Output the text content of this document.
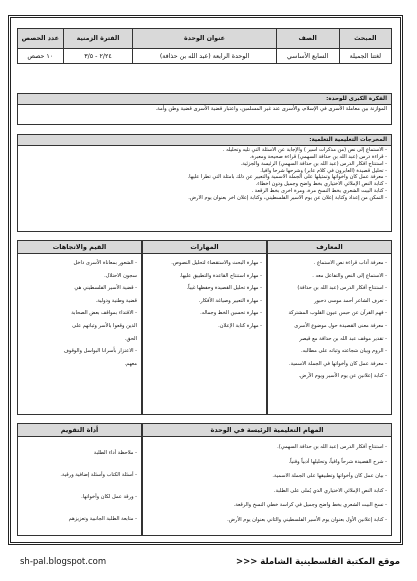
المبحث	الصف	عنوان الوحدة	الفترة الزمنية	عدد الحصص
لغتنا الجميلة	السابع الأساسي	الوحدة الرابعة (عبد الله بن حذافة)	٢/٢٤ - ٣/٥	١٠ حصص
الفكرة الكبرى للوحدة:
الموازنة بين معاملة الأسرى في الإسلام، والأسرى عند غير المسلمين، واعتبار قضية الأسرى قضية وطن وأمة.
المخرجات التعليمية التعلمية:
- الاستماع إلى نص (من مذكرات أسير ) والإجابة عن الأسئلة التي تليه وتحليله .
- قراءة درس (عبد الله بن حذافة السهمي) قراءة صحيحة ومعبرة.
- استنتاج أفكار الدرس (عبد الله بن حذافة السهمي) الرئيسة والجزئية.
- تحليل قصيدة (العابرون في كلام عابر) وشرحها شرحاً وافياً.
- معرفة عمل كان وأخواتها وتمثيلها على الجملة الاسمية والتعبير عن ذلك بأمثلة التي تطرأ عليها.
- كتابة النص الإملائي الاختياري بخط واضح وجميل ودون أخطاء.
- كتابة البيت الشعري بخط النسخ مرة، ومرة أخرى بخط الرقعة .
- التمكن من إعداد وكتابة إعلان عن يوم الأسير الفلسطيني، وكتابة إعلان آخر بعنوان يوم الأرض.
المعارف
- معرفة آداب قراءة نص الاستماع .
- الاستماع إلى النص والتفاعل معه .
- استنتاج أفكار الدرس (عبد الله بن حذافة)
- تعرف الشاعر أحمد موسى دحبور
- فهم القرآن عن حبس عيون القلوب المشتركة
- معرفة معنى القصيدة حول موضوع الأسرى
- تقدير موقف عبد الله بن حذافة مع قيصر
- الروم وبيان شجاعته وثباته على مطالبه.
- معرفة عمل كان وأخواتها في الجملة الاسمية.
- كتابة إعلانين عن يوم الأسير ويوم الأرض.
المهارات
- مهارة البحث والاستقصاء لتحليل النصوص.
- مهارة استنتاج القاعدة والتطبيق عليها.
- مهارة تحليل القصيدة وحفظها غيباً.
- مهارة التعبير وصياغة الأفكار.
- مهارة تحسين الخط وجماله.
- مهارة كتابة الإعلان.
القيم والاتجاهات
- الشعور بمعاناة الأسرى داخل
سجون الاحتلال.
- قضية الأسير الفلسطيني هي
قضية وطنية ودولية.
- الاقتداء بمواقف بعض الصحابة
الذين وقعوا بالأسر وثباتهم على
الحق.
- الاعتزاز بأسرانا البواسل والوقوف
معهم.
المهام التعليمية الرئيسة في الوحدة
- استنتاج أفكار الدرس (عبد الله بن حذافة السهمي).
- شرح القصيدة شرحاً وافياً، وتحليلها أدبياً وفنياً.
- بيان عمل كان وأخواتها وتطبيقها على الجملة الاسمية.
- كتابة النص الإملائي الاختياري الذي يُملى على الطلبة.
- نسخ البيت الشعري بخط واضح وجميل في كراسة خطي النسخ والرقعة.
- كتابة إعلانين الأول بعنوان يوم الأسير الفلسطيني والثاني بعنوان يوم الأرض.
أداة التقويم
- ملاحظة أداء الطلبة
- أسئلة الكتاب وأسئلة إضافية ورقية.
- ورقة عمل لكان وأخواتها.
- متابعة الطلبة الجانبية وتعزيزهم
موقع المكتبة الفلسطينية الشاملة <<<
sh-pal.blogspot.com
